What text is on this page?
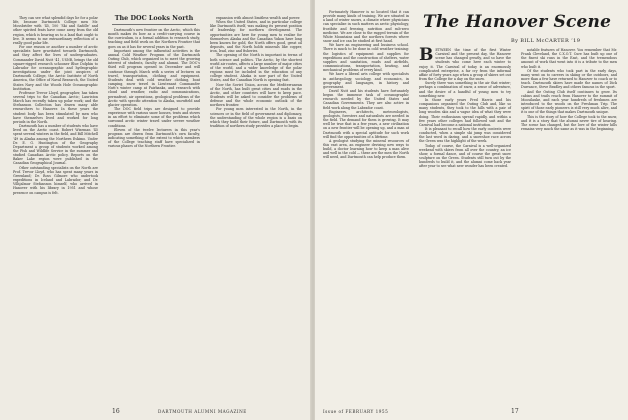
They can see what splendid days lie for a polar life, because Dartmouth College men Mr. Mossbrider with ’45, 100 ‘Ski and Saddle’ and other spirited feats have come away from the old region, which is bearing us to a land that ought to live. It seems to me extraordinary reflection of a really good polar life.

For one reason or another a number of arctic specialists have gravitated towards Dartmouth, and they affect the lives of undergraduates. Commander David Nutt ’41, USNR, brings the old square-rigged research schooner Blue Dolphin to Labrador for oceanographic and hydrographic investigations under the joint auspices of Dartmouth College, the Arctic Institute of North America, the Office of Naval Research, the United States Navy and the Woods Hole Oceanographic Institution.

Professor Trevor Lloyd, geographer, has taken several trips to the Canadian Arctic; Lauriston March has recently taken up polar work; and the Stefansson Collection has drawn many able researchers to Hanover. In these years the student body has been stimulated by men who have themselves lived and worked for long periods in the North.

Dartmouth has a number of students who have lived on the Arctic coast. Robert Wiseman ’45 spent several winters in the field, and Bill Mitchell ’49 in Alaska among the Northern Eskimo. Under Dr. E. G. Huntington of the Geography Department a group of students worked among the Fish and Wildlife Service in the summer and studied Canadian Arctic policy. Reports on the Baker Lake region were published in the Canadian Geographical Journal.

Other outstanding specialists on the North are Prof. Trevor Lloyd, who has spent many years in Greenland; Dr. Ross Gilmore who undertook expeditions in Iceland and Labrador; and Dr. Vilhjalmur Stefansson himself, who arrived in Hanover with his library in 1951 and whose presence on campus is felt.

The DOC Looks North

Dartmouth’s new frontier on the Arctic, which this month makes its bow as a credit-carrying course in the curriculum, is a formal addition to research study, teaching and field work on the Northern Frontier that goes on as it has for several years in the past.

Important among the influential activities is the annual Cold Weather Program of the Dartmouth Outing Club, which organized in to meet the growing interest of students, faculty and alumni. The DOC’s third roll program opened in December and will continue through March with a series of lectures on travel, transportation, clothing and equipment. Students deal with cold weather clothing, boat camping, snow travel in Lieutenant Commander Nutt’s winter camp at Fairbanks, and research with cloud and weather, radio and communications, permafrost, air operations, geological problems of the Arctic with specific attention to Alaska, snowfield and glacier operation.

The DOC field trips are designed to provide experience with various snow houses, tents and stoves in an effort to eliminate some of the problems which surround arctic winter travel under severe weather conditions.

Eleven of the twelve lecturers in this year’s program are drawn from Dartmouth’s own faculty, indicating something of the extent to which members of the College teaching staff have specialized in various phases of the Northern Frontier.

expansion with almost limitless wealth and power.

When the United States, and in particular college like Dartmouth itself, was making its present position of leadership for northern development. The opportunities are here for young men to realize for themselves Alaska and the Canadian Yukon have long been known for gold, the North offers good, great oil deposits, and the North holds minerals like copper, iron, lead, zinc and fisheries.

The opening of the North is important in terms of both science and politics. The Arctic, by the shortest world air routes, affects a large number of major cities of the world, and a wider knowledge of the polar regions must be included in the education of any college student. Alaska is now part of the United States, and the Canadian North is opening fast.

Now the Soviet Union, across the Mediterranean of the North, has built great cities and roads in the Arctic, and other countries will have to keep pace. Students will be asked to consider the problems of defense and the whole economic outlook of the northern frontier.

For young men interested in the North, in the sciences or in the field of government and diplomacy, the understanding of the whole region is a basis on which they build their future, and Dartmouth with its tradition of northern study provides a place to begin.

16	DARTMOUTH ALUMNI MAGAZINE

Fortunately Hanover is so located that it can provide many kinds of training. We are situated in a land of winter snows, a climate where physicians can specialize in such matters as arctic physiology, frostbite and freezing, nutrition and sub-zero medicine. We are close to the rugged terrain of the White Mountains and the northern forests where snow and ice can be studied at first hand.

We have an engineering and business school. There is much to be done in cold weather training: the logistics of equipment and supplies for expeditions and the construction of shelters, water supplies and sanitation, roads and airfields, communications, transportation, heating, and mechanical problems of every kind.

We have a liberal arts college with specialists in anthropology, sociology, and economics, in geography and languages, in history and government.

David Nutt and his students have fortunately begun the immense task of oceanographic research needed by the United States and Canadian Governments. They are also active in field work along the Labrador coast.

Engineers, architects, meteorologists, geologists, foresters and naturalists are needed in the field. The demand for them is growing. It may well be true that in a few years, a new civilization on a new frontier will be opening up, and a man at Dartmouth with a special aptitude for such work will find the opportunities of a lifetime.

A geologist studying the mineral resources of this vast area, an engineer devising new ways to build, a doctor learning how to keep a man alive and well in the cold — these are the men the North will need, and Dartmouth can help produce them.

The Hanover Scene
By BILL McCARTER ’19

BETWEEN the time of the first Winter Carnival and the present day, the Hanover scene has changed greatly, and so have the students who come here each winter to enjoy it. The Carnival of today is an enormously complicated enterprise, a far cry from the informal affair of forty years ago when a group of skiers set out from the College for a day on the snow.

Surely there was something in the air that winter; perhaps a combination of snow, a sense of adventure, and the desire of a handful of young men to try something new.

In those early years Fred Harris and his companions organized the Outing Club and, like so many students, they took to the hills with a pair of long wooden skis and a vague idea of what they were doing. Their enthusiasm spread rapidly, and within a few years other colleges had followed suit and the Carnival had become a national institution.

It is pleasant to recall how the early contests were conducted, when a simple ski jump was considered the last word in daring, and a snowshoe race across the Green was the highlight of the week.

Today, of course, the Carnival is a well-organized weekend with skiers from all over the country, an ice show, a formal dance, and of course the great snow sculpture on the Green. Students still turn out by the hundreds to build it, and the alumni come back year after year to see what new wonder has been created.

notable features of Hanover. You remember that Mr. Frank Cleveland, the C.X.O.T. Cure has built up one of the finest ski runs in the East, and the tremendous amount of work that went into it is a tribute to the men who built it.

Of the students who took part in the early days, many went on to careers in skiing or the outdoors, and more than a few have returned to Hanover to coach or to teach. Dartmouth skiers have made the names of Dick Durrance, Steve Bradley and others famous in the sport.

And the Outing Club itself continues to grow. Its cabins and trails reach from Hanover to the summit of Moosilauke, and each year hundreds of freshmen are introduced to the woods on the Freshman Trip. The spirit of those early pioneers is still very much alive, and it is one of the things that makes Dartmouth unique.

This is the story of how the College took to the snow, and it is a story that the alumni never tire of hearing. The scene has changed, but the love of the winter hills remains very much the same as it was in the beginning.

Issue of FEBRUARY 1955	17
